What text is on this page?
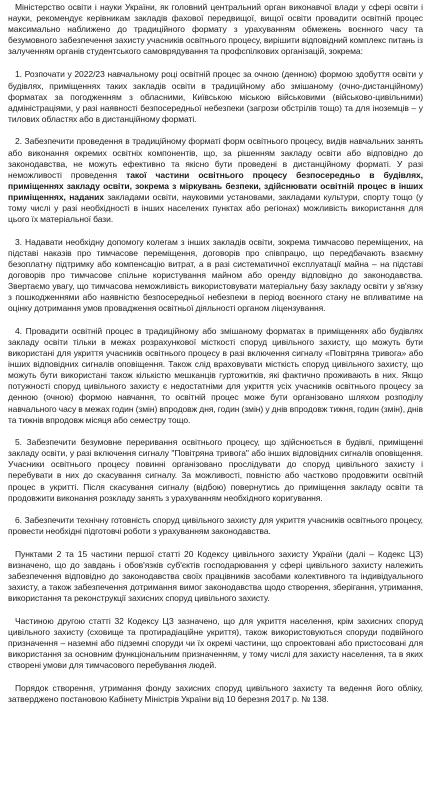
Міністерство освіти і науки України, як головний центральний орган виконавчої влади у сфері освіти і науки, рекомендує керівникам закладів фахової передвищої, вищої освіти провадити освітній процес максимально наближено до традиційного формату з урахуванням обмежень воєнного часу та безумовного забезпечення захисту учасників освітнього процесу, вирішити відповідний комплекс питань із залученням органів студентського самоврядування та профспілкових організацій, зокрема:

1. Розпочати у 2022/23 навчальному році освітній процес за очною (денною) формою здобуття освіти у будівлях, приміщеннях таких закладів освіти в традиційному або змішаному (очно-дистанційному) форматах за погодженням з обласними, Київською міською військовими (військово-цивільними) адміністраціями, у разі наявності безпосередньої небезпеки (загрози обстрілів тощо) та для іноземців – у тилових областях або в дистанційному форматі.

2. Забезпечити проведення в традиційному форматі форм освітнього процесу, видів навчальних занять або виконання окремих освітніх компонентів, що, за рішенням закладу освіти або відповідно до законодавства, не можуть ефективно та якісно бути проведені в дистанційному форматі. У разі неможливості проведення такої частини освітнього процесу безпосередньо в будівлях, приміщеннях закладу освіти, зокрема з міркувань безпеки, здійснювати освітній процес в інших приміщеннях, наданих закладами освіти, науковими установами, закладами культури, спорту тощо (у тому числі у разі необхідності в інших населених пунктах або регіонах) можливість використання для цього їх матеріальної бази.

3. Надавати необхідну допомогу колегам з інших закладів освіти, зокрема тимчасово переміщених, на підставі наказів про тимчасове переміщення, договорів про співпрацю, що передбачають взаємну безоплатну підтримку або компенсацію витрат, а в разі систематичної експлуатації майна – на підставі договорів про тимчасове спільне користування майном або оренду відповідно до законодавства. Звертаємо увагу, що тимчасова неможливість використовувати матеріальну базу закладу освіти у зв'язку з пошкодженнями або наявністю безпосередньої небезпеки в період воєнного стану не впливатиме на оцінку дотримання умов провадження освітньої діяльності органом ліцензування.

4. Провадити освітній процес в традиційному або змішаному форматах в приміщеннях або будівлях закладу освіти тільки в межах розрахункової місткості споруд цивільного захисту, що можуть бути використані для укриття учасників освітнього процесу в разі включення сигналу «Повітряна тривога» або інших відповідних сигналів оповіщення. Також слід враховувати місткість споруд цивільного захисту, що можуть бути використані також кількістю мешканців гуртожитків, які фактично проживають в них. Якщо потужності споруд цивільного захисту є недостатніми для укриття усіх учасників освітнього процесу за денною (очною) формою навчання, то освітній процес може бути організовано шляхом розподілу навчального часу в межах годин (змін) впродовж дня, годин (змін) у днів впродовж тижня, годин (змін), днів та тижнів впродовж місяця або семестру тощо.

5. Забезпечити безумовне переривання освітнього процесу, що здійснюється в будівлі, приміщенні закладу освіти, у разі включення сигналу "Повітряна тривога" або інших відповідних сигналів оповіщення. Учасники освітнього процесу повинні організовано прослідувати до споруд цивільного захисту і перебувати в них до скасування сигналу. За можливості, повністю або частково продовжити освітній процес в укритті. Після скасування сигналу (відбою) повернутись до приміщення закладу освіти та продовжити виконання розкладу занять з урахуванням необхідного коригування.

6. Забезпечити технічну готовність споруд цивільного захисту для укриття учасників освітнього процесу, провести необхідні підготовчі роботи з урахуванням законодавства.

Пунктами 2 та 15 частини першої статті 20 Кодексу цивільного захисту України (далі – Кодекс ЦЗ) визначено, що до завдань і обов'язків суб'єктів господарювання у сфері цивільного захисту належить забезпечення відповідно до законодавства своїх працівників засобами колективного та індивідуального захисту, а також забезпечення дотримання вимог законодавства щодо створення, зберігання, утримання, використання та реконструкції захисних споруд цивільного захисту.

Частиною другою статті 32 Кодексу ЦЗ зазначено, що для укриття населення, крім захисних споруд цивільного захисту (сховище та протирадіаційне укриття), також використовуються споруди подвійного призначення – наземні або підземні споруди чи їх окремі частини, що спроектовані або пристосовані для використання за основним функціональним призначенням, у тому числі для захисту населення, та в яких створені умови для тимчасового перебування людей.

Порядок створення, утримання фонду захисних споруд цивільного захисту та ведення його обліку, затверджено постановою Кабінету Міністрів України від 10 березня 2017 р. № 138.
